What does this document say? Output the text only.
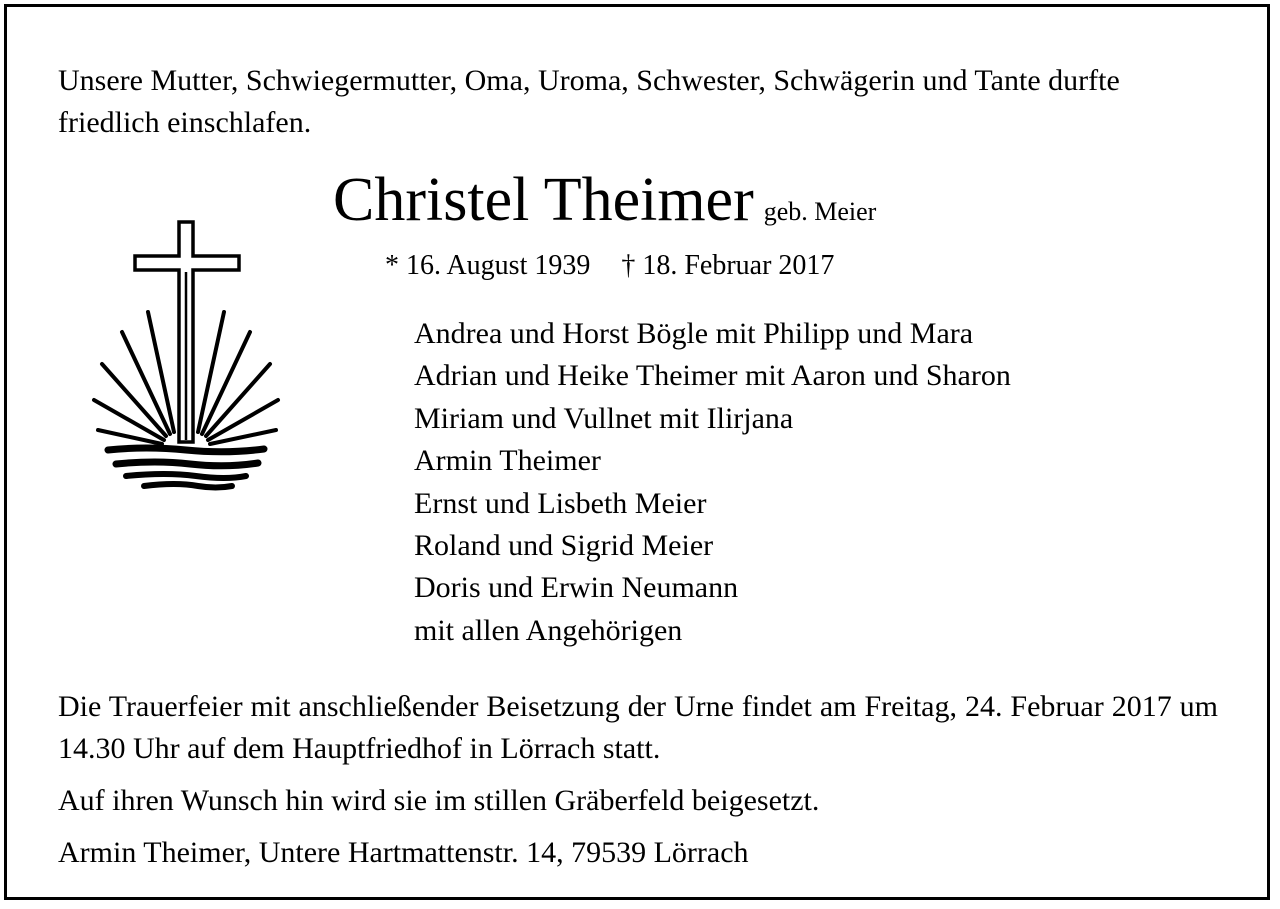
Unsere Mutter, Schwiegermutter, Oma, Uroma, Schwester, Schwägerin und Tante durfte friedlich einschlafen.
Christel Theimer geb. Meier
* 16. August 1939 † 18. Februar 2017
Andrea und Horst Bögle mit Philipp und Mara
Adrian und Heike Theimer mit Aaron und Sharon
Miriam und Vullnet mit Ilirjana
Armin Theimer
Ernst und Lisbeth Meier
Roland und Sigrid Meier
Doris und Erwin Neumann
mit allen Angehörigen
Die Trauerfeier mit anschließender Beisetzung der Urne findet am Freitag, 24. Februar 2017 um 14.30 Uhr auf dem Hauptfriedhof in Lörrach statt.
Auf ihren Wunsch hin wird sie im stillen Gräberfeld beigesetzt.
Armin Theimer, Untere Hartmattenstr. 14, 79539 Lörrach
